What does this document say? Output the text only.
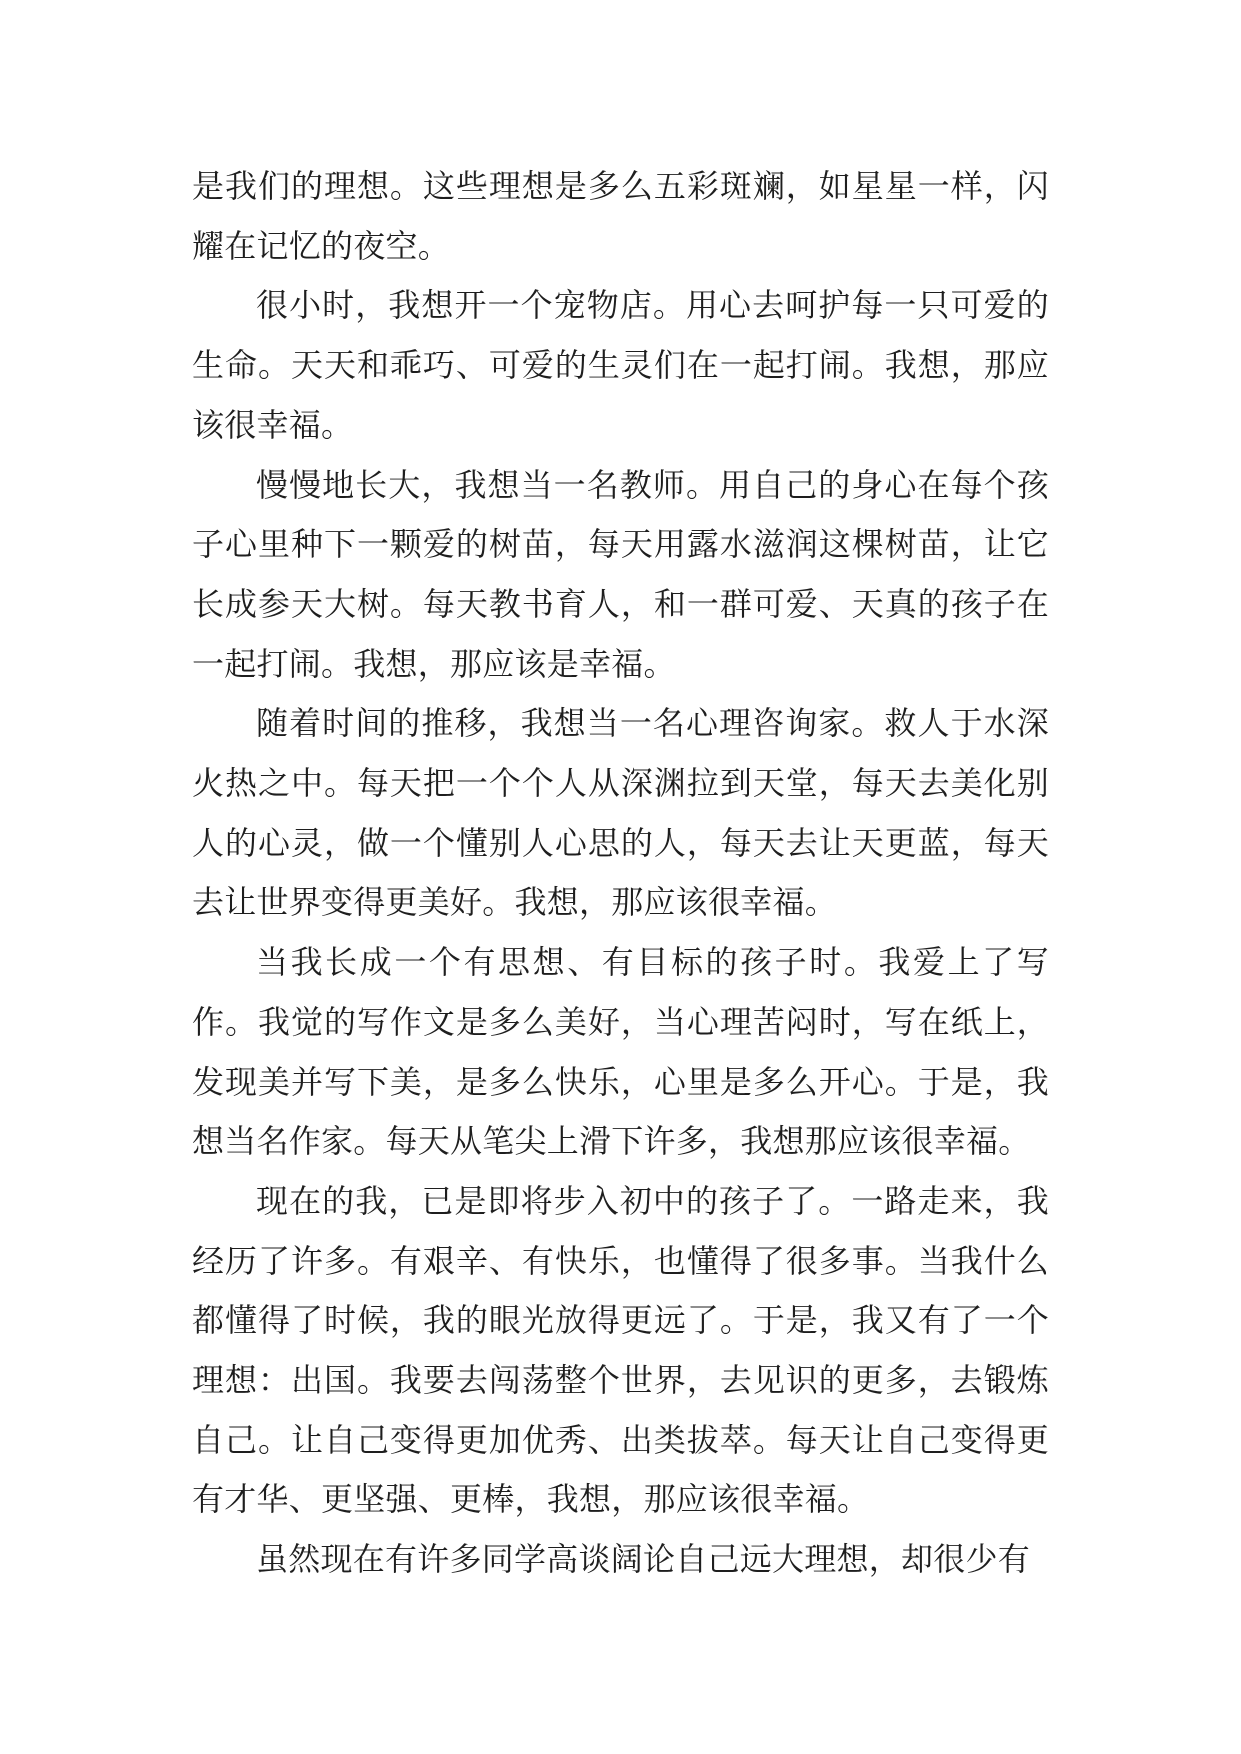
是我们的理想。这些理想是多么五彩斑斓，如星星一样，闪耀在记忆的夜空。

很小时，我想开一个宠物店。用心去呵护每一只可爱的生命。天天和乖巧、可爱的生灵们在一起打闹。我想，那应该很幸福。

慢慢地长大，我想当一名教师。用自己的身心在每个孩子心里种下一颗爱的树苗，每天用露水滋润这棵树苗，让它长成参天大树。每天教书育人，和一群可爱、天真的孩子在一起打闹。我想，那应该是幸福。

随着时间的推移，我想当一名心理咨询家。救人于水深火热之中。每天把一个个人从深渊拉到天堂，每天去美化别人的心灵，做一个懂别人心思的人，每天去让天更蓝，每天去让世界变得更美好。我想，那应该很幸福。

当我长成一个有思想、有目标的孩子时。我爱上了写作。我觉的写作文是多么美好，当心理苦闷时，写在纸上，发现美并写下美，是多么快乐，心里是多么开心。于是，我想当名作家。每天从笔尖上滑下许多，我想那应该很幸福。

现在的我，已是即将步入初中的孩子了。一路走来，我经历了许多。有艰辛、有快乐，也懂得了很多事。当我什么都懂得了时候，我的眼光放得更远了。于是，我又有了一个理想：出国。我要去闯荡整个世界，去见识的更多，去锻炼自己。让自己变得更加优秀、出类拔萃。每天让自己变得更有才华、更坚强、更棒，我想，那应该很幸福。

虽然现在有许多同学高谈阔论自己远大理想，却很少有
